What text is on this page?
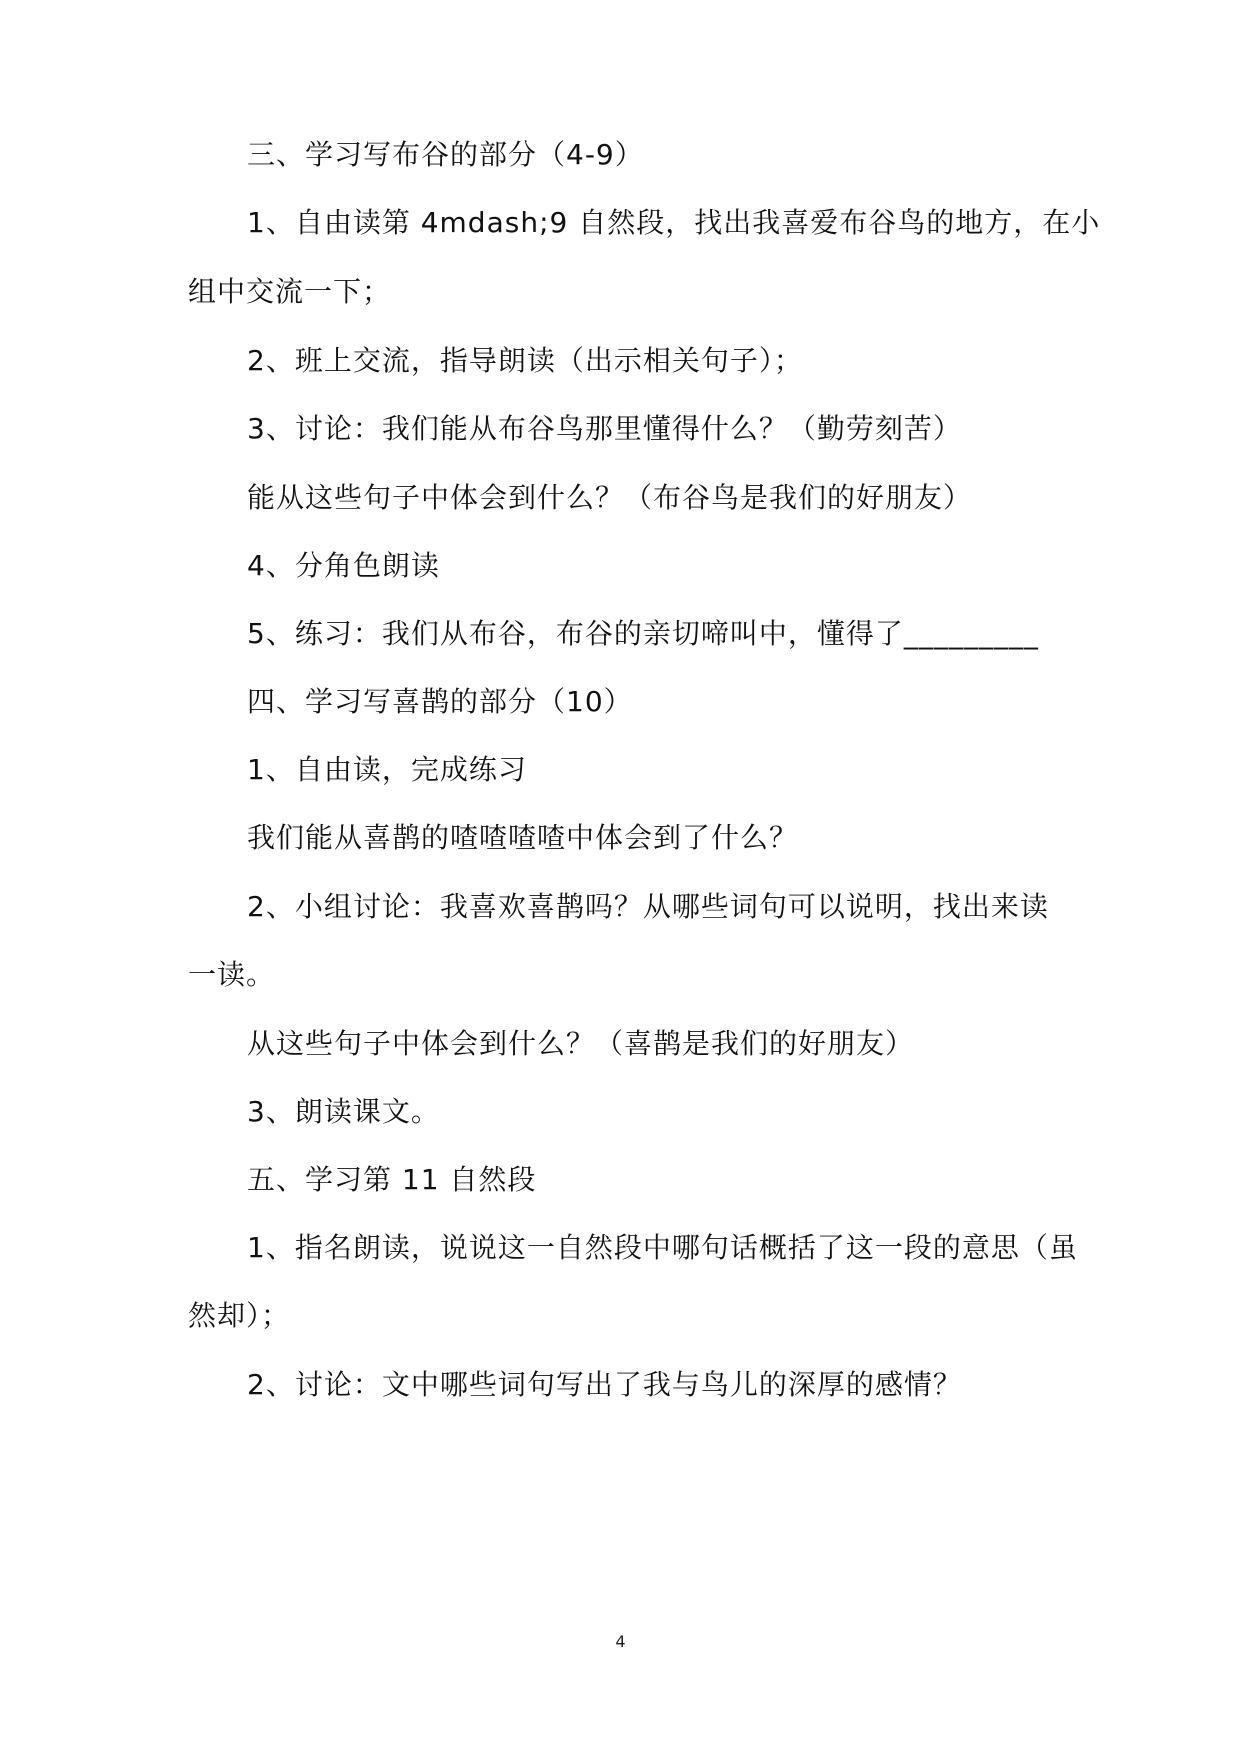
三、学习写布谷的部分（4-9）
1、自由读第 4mdash;9 自然段，找出我喜爱布谷鸟的地方，在小
组中交流一下；
2、班上交流，指导朗读（出示相关句子）；
3、讨论：我们能从布谷鸟那里懂得什么？（勤劳刻苦）
能从这些句子中体会到什么？（布谷鸟是我们的好朋友）
4、分角色朗读
5、练习：我们从布谷，布谷的亲切啼叫中，懂得了_________
四、学习写喜鹊的部分（10）
1、自由读，完成练习
我们能从喜鹊的喳喳喳喳中体会到了什么？
2、小组讨论：我喜欢喜鹊吗？从哪些词句可以说明，找出来读
一读。
从这些句子中体会到什么？（喜鹊是我们的好朋友）
3、朗读课文。
五、学习第 11 自然段
1、指名朗读，说说这一自然段中哪句话概括了这一段的意思（虽
然却）；
2、讨论：文中哪些词句写出了我与鸟儿的深厚的感情？
4
